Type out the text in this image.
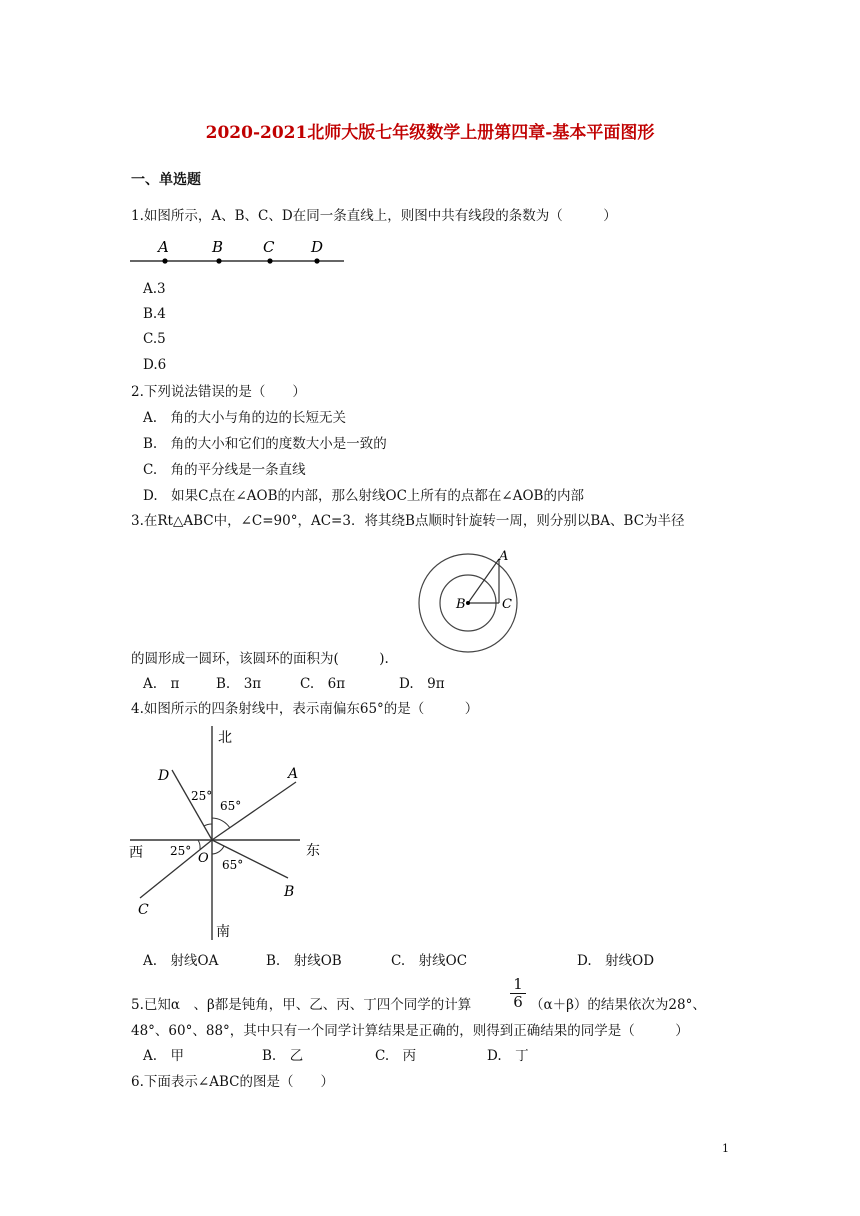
2020-2021北师大版七年级数学上册第四章-基本平面图形
一、单选题
1.如图所示，A、B、C、D在同一条直线上，则图中共有线段的条数为（　　　）
A	B	C D
A.3
B.4
C.5
D.6
2.下列说法错误的是（　　）
A.　角的大小与角的边的长短无关
B.　角的大小和它们的度数大小是一致的
C.　角的平分线是一条直线
D.　如果C点在∠AOB的内部，那么射线OC上所有的点都在∠AOB的内部
3.在Rt△ABC中，∠C=90°，AC=3．将其绕B点顺时针旋转一周，则分别以BA、BC为半径
A
B	C
的圆形成一圆环，该圆环的面积为(　　　).
A.　π	B.　3π	C.　6π	D.　9π
4.如图所示的四条射线中，表示南偏东65°的是（　　　）
北
南
西	东
A
B
C
D
O
25°
65°
25°
65°
A.　射线OA	B.　射线OB	C.　射线OC	D.　射线OD
5.已知α　、β都是钝角，甲、乙、丙、丁四个同学的计算	$\frac{1}{6} (\alpha+\beta)$的结果依次为28°、
48°、60°、88°，其中只有一个同学计算结果是正确的，则得到正确结果的同学是（　　　）
A.　甲	B.　乙	C.　丙	D.　丁
6.下面表示∠ABC的图是（　　）
1
